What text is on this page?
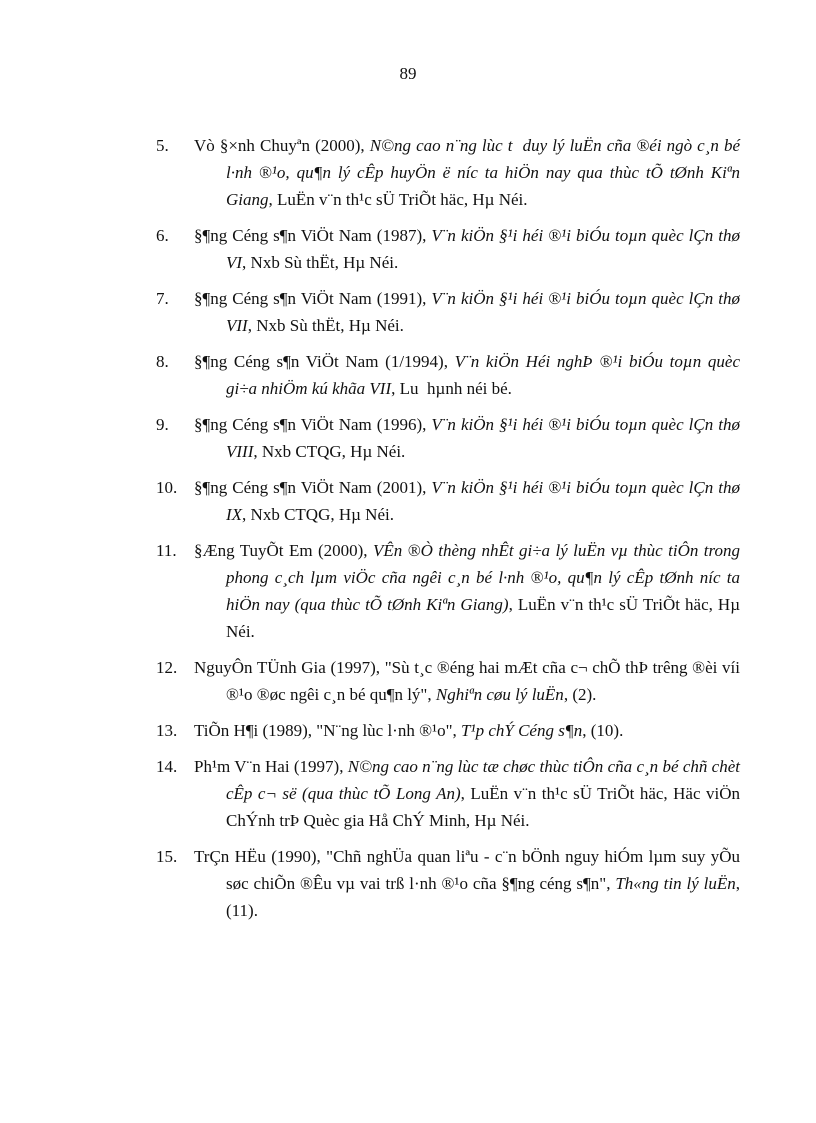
89
5.	Vò §×nh Chuyªn (2000), N©ng cao n¨ng lùc t  duy lý luËn cña ®éi ngò c¸n bé l·nh ®¹o, qu¶n lý cÊp huyÖn ë níc ta hiÖn nay qua thùc tÕ tØnh Kiªn Giang, LuËn v¨n th¹c sÜ TriÕt häc, Hµ Néi.
6.	§¶ng Céng s¶n ViÖt Nam (1987), V¨n kiÖn §¹i héi ®¹i biÓu toµn quèc lÇn thø VI, Nxb Sù thËt, Hµ Néi.
7.	§¶ng Céng s¶n ViÖt Nam (1991), V¨n kiÖn §¹i héi ®¹i biÓu toµn quèc lÇn thø VII, Nxb Sù thËt, Hµ Néi.
8.	§¶ng Céng s¶n ViÖt Nam (1/1994), V¨n kiÖn Héi nghÞ ®¹i biÓu toµn quèc gi÷a nhiÖm kú khãa VII, Lu  hµnh néi bé.
9.	§¶ng Céng s¶n ViÖt Nam (1996), V¨n kiÖn §¹i héi ®¹i biÓu toµn quèc lÇn thø VIII, Nxb CTQG, Hµ Néi.
10. §¶ng Céng s¶n ViÖt Nam (2001), V¨n kiÖn §¹i héi ®¹i biÓu toµn quèc lÇn thø IX, Nxb CTQG, Hµ Néi.
11.	§Æng TuyÕt Em (2000), VÊn ®Ò thèng nhÊt gi÷a lý luËn vµ thùc tiÔn trong phong c¸ch lµm viÖc cña ngêi c¸n bé l·nh ®¹o, qu¶n lý cÊp tØnh níc ta hiÖn nay (qua thùc tÕ tØnh Kiªn Giang), LuËn v¨n th¹c sÜ TriÕt häc, Hµ Néi.
12. NguyÔn TÜnh Gia (1997), "Sù t¸c ®éng hai mÆt cña c¬ chÕ thÞ trêng ®èi víi ®¹o ®øc ngêi c¸n bé qu¶n lý", Nghiªn cøu lý luËn, (2).
13. TiÕn H¶i (1989), "N¨ng lùc l·nh ®¹o", T¹p chÝ Céng s¶n, (10).
14. Ph¹m V¨n Hai (1997), N©ng cao n¨ng lùc tæ chøc thùc tiÔn cña c¸n bé chñ chèt cÊp c¬ së (qua thùc tÕ Long An), LuËn v¨n th¹c sÜ TriÕt häc, Häc viÖn ChÝnh trÞ Quèc gia Hå ChÝ Minh, Hµ Néi.
15. TrÇn HËu (1990), "Chñ nghÜa quan liªu - c¨n bÖnh nguy hiÓm lµm suy yÕu søc chiÕn ®Êu vµ vai trß l·nh ®¹o cña §¶ng céng s¶n", Th«ng tin lý luËn, (11).
